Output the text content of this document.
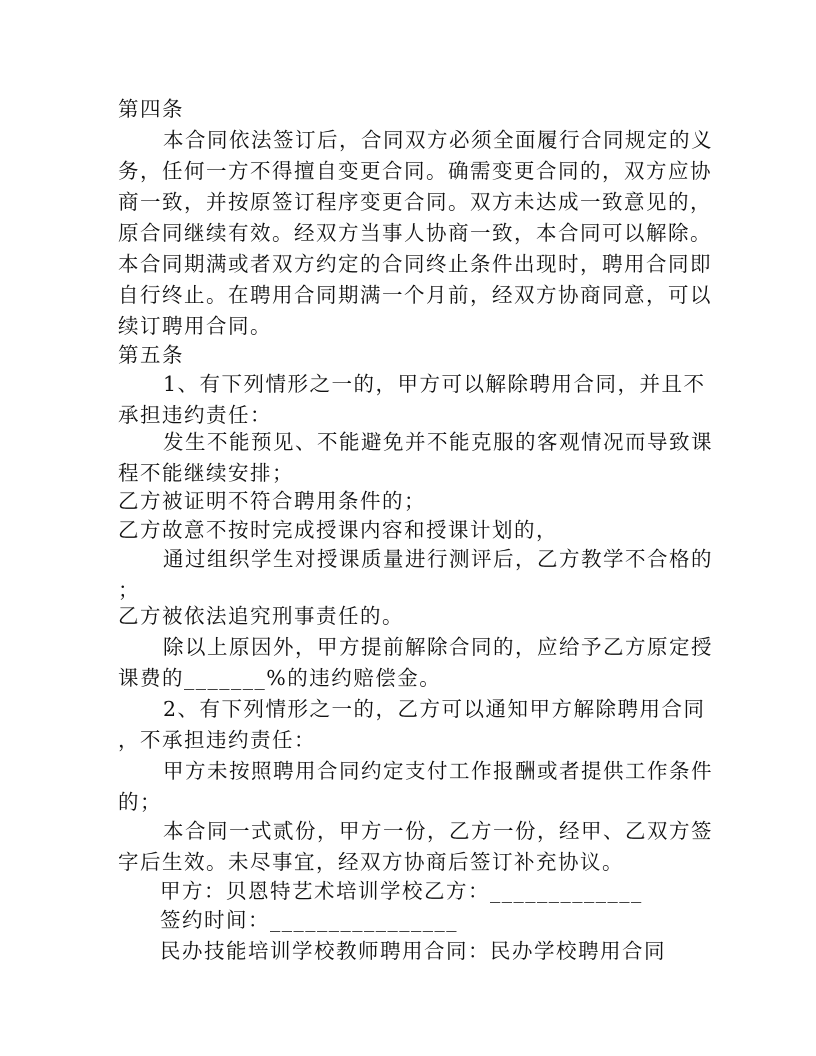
第四条
本合同依法签订后，合同双方必须全面履行合同规定的义
务，任何一方不得擅自变更合同。确需变更合同的，双方应协
商一致，并按原签订程序变更合同。双方未达成一致意见的，
原合同继续有效。经双方当事人协商一致，本合同可以解除。
本合同期满或者双方约定的合同终止条件出现时，聘用合同即
自行终止。在聘用合同期满一个月前，经双方协商同意，可以
续订聘用合同。
第五条
1、有下列情形之一的，甲方可以解除聘用合同，并且不
承担违约责任：
发生不能预见、不能避免并不能克服的客观情况而导致课
程不能继续安排；
乙方被证明不符合聘用条件的；
乙方故意不按时完成授课内容和授课计划的，
通过组织学生对授课质量进行测评后，乙方教学不合格的
；
乙方被依法追究刑事责任的。
除以上原因外，甲方提前解除合同的，应给予乙方原定授
课费的_______%的违约赔偿金。
2、有下列情形之一的，乙方可以通知甲方解除聘用合同
，不承担违约责任：
甲方未按照聘用合同约定支付工作报酬或者提供工作条件
的；
本合同一式贰份，甲方一份，乙方一份，经甲、乙双方签
字后生效。未尽事宜，经双方协商后签订补充协议。
甲方：贝恩特艺术培训学校乙方：_____________
签约时间：________________
民办技能培训学校教师聘用合同：民办学校聘用合同
